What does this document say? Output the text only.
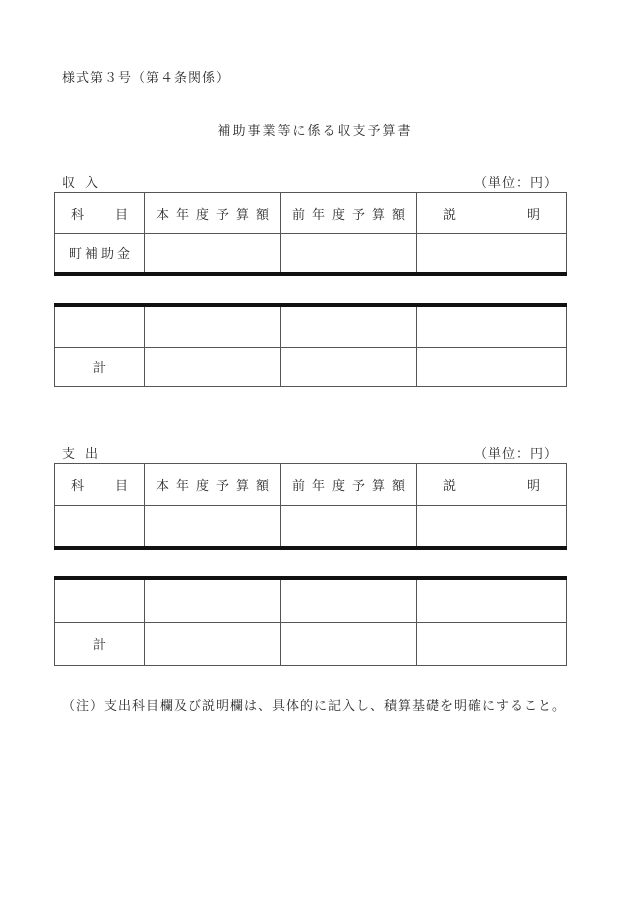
様式第３号（第４条関係）
補助事業等に係る収支予算書
収入	（単位：円）
科 目	本年度予算額	前年度予算額	説 明

町補助金			

計			
支出	（単位：円）
科 目	本年度予算額	前年度予算額	説 明

計			
（注）支出科目欄及び説明欄は、具体的に記入し、積算基礎を明確にすること。
